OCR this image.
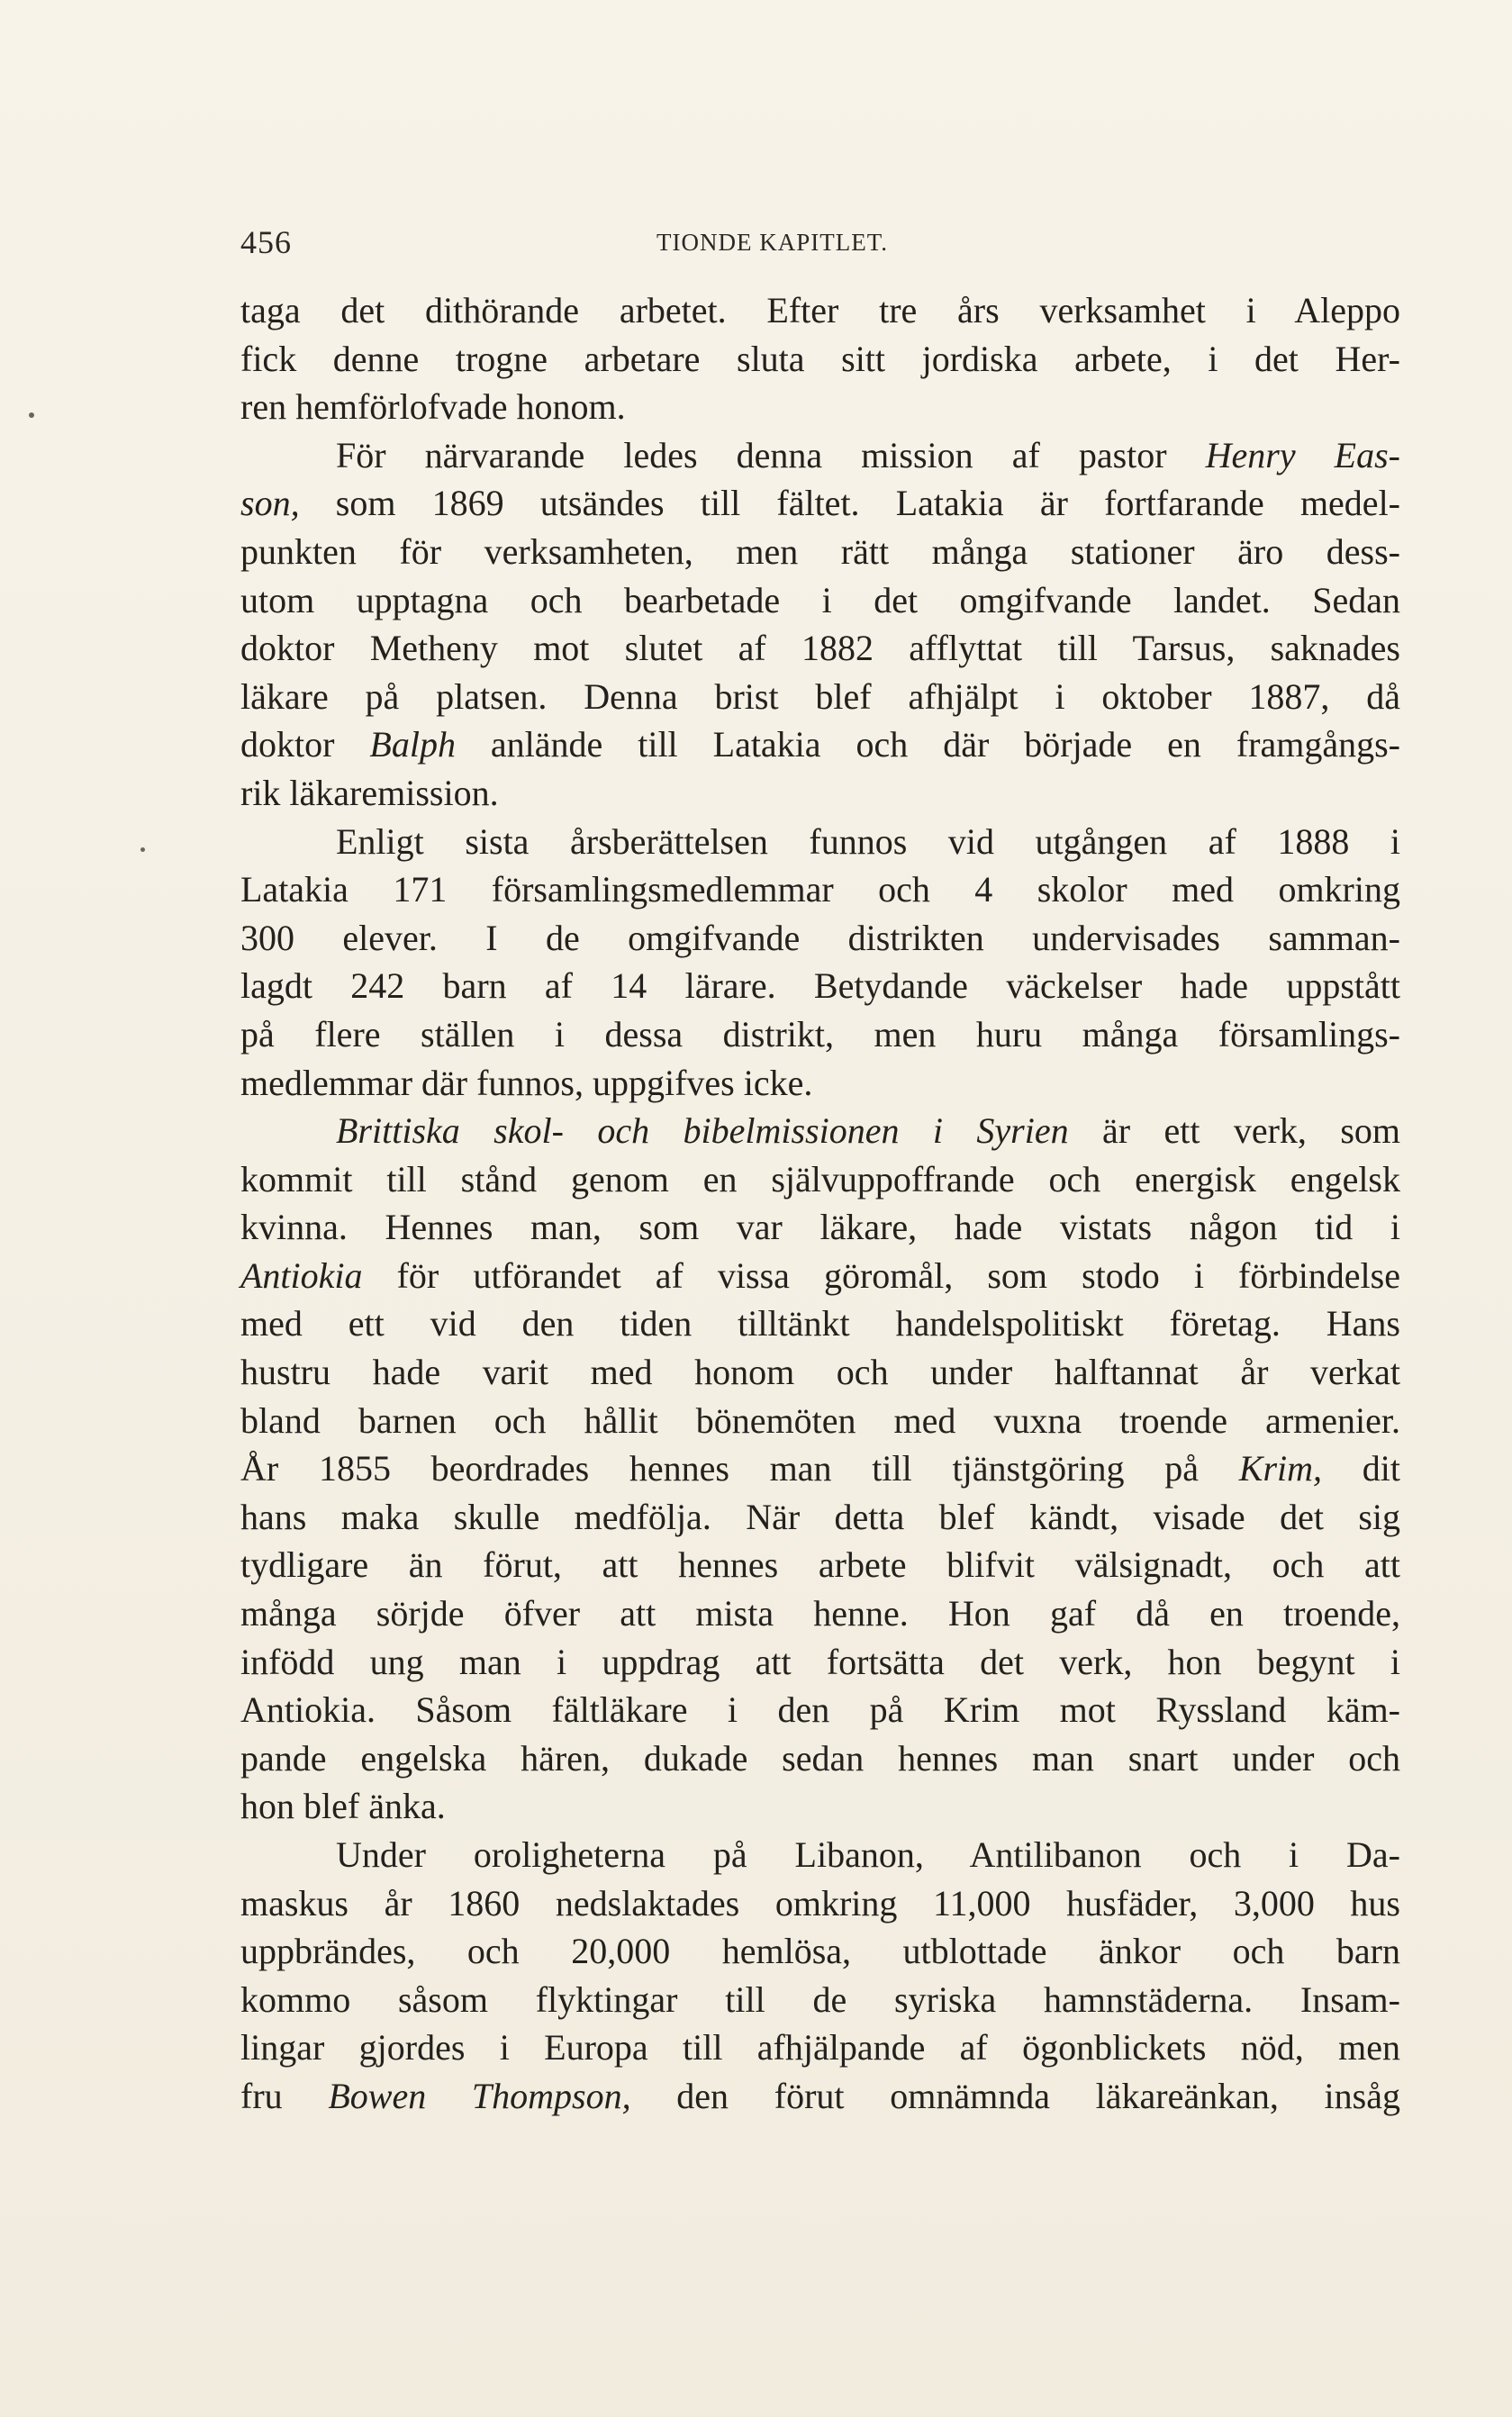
456	TIONDE KAPITLET.
taga det dithörande arbetet. Efter tre års verksamhet i Aleppo
fick denne trogne arbetare sluta sitt jordiska arbete, i det Her-
ren hemförlofvade honom.
För närvarande ledes denna mission af pastor Henry Eas-
son, som 1869 utsändes till fältet. Latakia är fortfarande medel-
punkten för verksamheten, men rätt många stationer äro dess-
utom upptagna och bearbetade i det omgifvande landet. Sedan
doktor Metheny mot slutet af 1882 afflyttat till Tarsus, saknades
läkare på platsen. Denna brist blef afhjälpt i oktober 1887, då
doktor Balph anlände till Latakia och där började en framgångs-
rik läkaremission.
Enligt sista årsberättelsen funnos vid utgången af 1888 i
Latakia 171 församlingsmedlemmar och 4 skolor med omkring
300 elever. I de omgifvande distrikten undervisades samman-
lagdt 242 barn af 14 lärare. Betydande väckelser hade uppstått
på flere ställen i dessa distrikt, men huru många församlings-
medlemmar där funnos, uppgifves icke.
Brittiska skol- och bibelmissionen i Syrien är ett verk, som
kommit till stånd genom en självuppoffrande och energisk engelsk
kvinna. Hennes man, som var läkare, hade vistats någon tid i
Antiokia för utförandet af vissa göromål, som stodo i förbindelse
med ett vid den tiden tilltänkt handelspolitiskt företag. Hans
hustru hade varit med honom och under halftannat år verkat
bland barnen och hållit bönemöten med vuxna troende armenier.
År 1855 beordrades hennes man till tjänstgöring på Krim, dit
hans maka skulle medfölja. När detta blef kändt, visade det sig
tydligare än förut, att hennes arbete blifvit välsignadt, och att
många sörjde öfver att mista henne. Hon gaf då en troende,
infödd ung man i uppdrag att fortsätta det verk, hon begynt i
Antiokia. Såsom fältläkare i den på Krim mot Ryssland käm-
pande engelska hären, dukade sedan hennes man snart under och
hon blef änka.
Under oroligheterna på Libanon, Antilibanon och i Da-
maskus år 1860 nedslaktades omkring 11,000 husfäder, 3,000 hus
uppbrändes, och 20,000 hemlösa, utblottade änkor och barn
kommo såsom flyktingar till de syriska hamnstäderna. Insam-
lingar gjordes i Europa till afhjälpande af ögonblickets nöd, men
fru Bowen Thompson, den förut omnämnda läkareänkan, insåg
